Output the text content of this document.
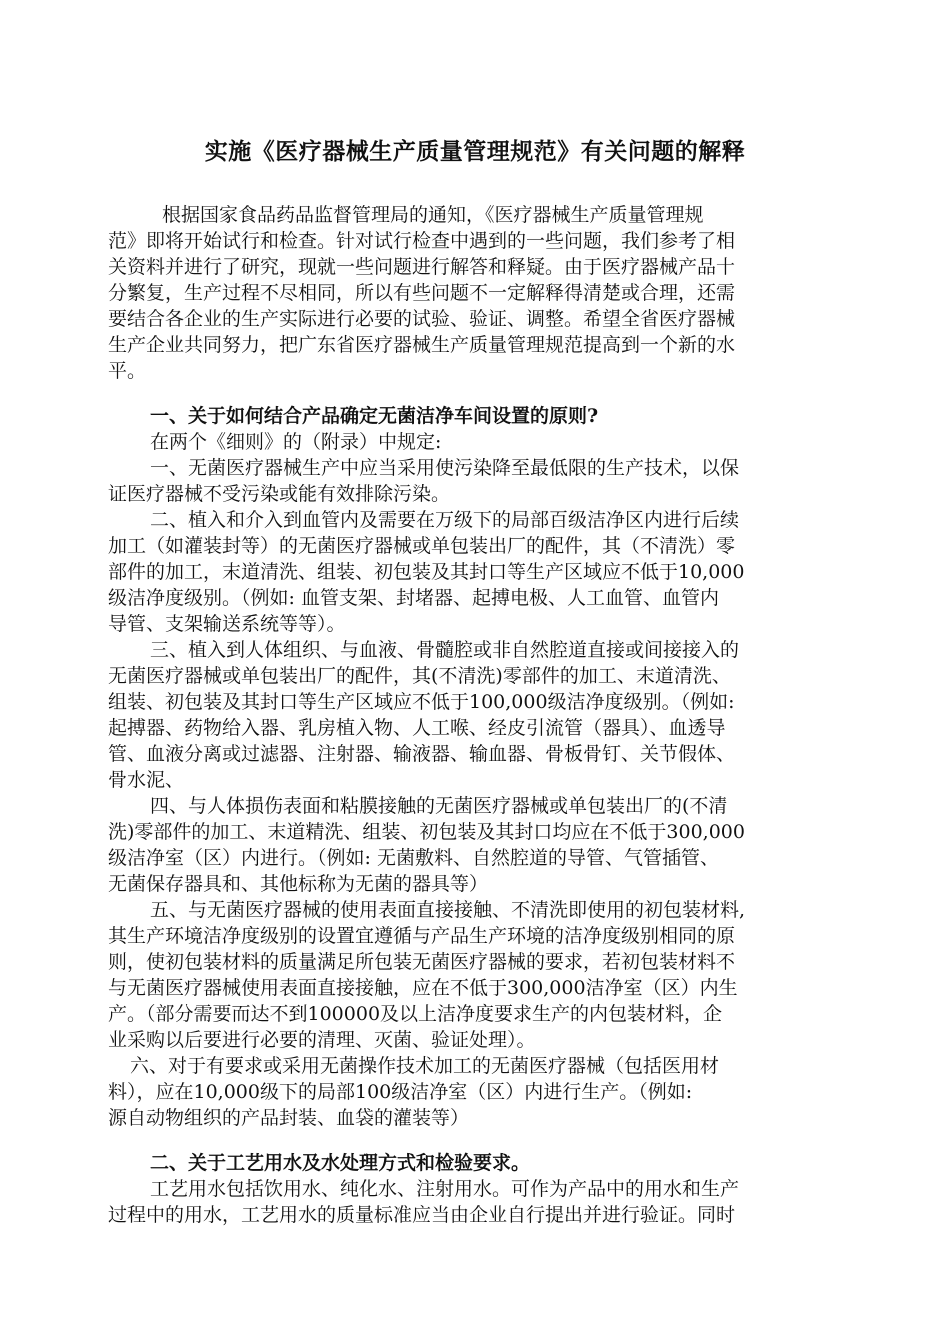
实施《医疗器械生产质量管理规范》有关问题的解释

根据国家食品药品监督管理局的通知，《医疗器械生产质量管理规

范》即将开始试行和检查。针对试行检查中遇到的一些问题，我们参考了相

关资料并进行了研究，现就一些问题进行解答和释疑。由于医疗器械产品十

分繁复，生产过程不尽相同，所以有些问题不一定解释得清楚或合理，还需

要结合各企业的生产实际进行必要的试验、验证、调整。希望全省医疗器械

生产企业共同努力，把广东省医疗器械生产质量管理规范提高到一个新的水

平。

一、关于如何结合产品确定无菌洁净车间设置的原则?

在两个《细则》的（附录）中规定:

一、无菌医疗器械生产中应当采用使污染降至最低限的生产技术，以保

证医疗器械不受污染或能有效排除污染。

二、植入和介入到血管内及需要在万级下的局部百级洁净区内进行后续

加工（如灌装封等）的无菌医疗器械或单包装出厂的配件，其（不清洗）零

部件的加工，末道清洗、组装、初包装及其封口等生产区域应不低于10,000

级洁净度级别。（例如: 血管支架、封堵器、起搏电极、人工血管、血管内

导管、支架输送系统等等）。

三、植入到人体组织、与血液、骨髓腔或非自然腔道直接或间接接入的

无菌医疗器械或单包装出厂的配件，其(不清洗)零部件的加工、末道清洗、

组装、初包装及其封口等生产区域应不低于100,000级洁净度级别。（例如:

起搏器、药物给入器、乳房植入物、人工喉、经皮引流管（器具）、血透导

管、血液分离或过滤器、注射器、输液器、输血器、骨板骨钉、关节假体、

骨水泥、

四、与人体损伤表面和粘膜接触的无菌医疗器械或单包装出厂的(不清

洗)零部件的加工、末道精洗、组装、初包装及其封口均应在不低于300,000

级洁净室（区）内进行。（例如: 无菌敷料、自然腔道的导管、气管插管、

无菌保存器具和、其他标称为无菌的器具等）

五、与无菌医疗器械的使用表面直接接触、不清洗即使用的初包装材料,

其生产环境洁净度级别的设置宜遵循与产品生产环境的洁净度级别相同的原

则，使初包装材料的质量满足所包装无菌医疗器械的要求，若初包装材料不

与无菌医疗器械使用表面直接接触，应在不低于300,000洁净室（区）内生

产。（部分需要而达不到100000及以上洁净度要求生产的内包装材料，企

业采购以后要进行必要的清理、灭菌、验证处理）。

六、对于有要求或采用无菌操作技术加工的无菌医疗器械（包括医用材

料），应在10,000级下的局部100级洁净室（区）内进行生产。（例如:

源自动物组织的产品封装、血袋的灌装等）

二、关于工艺用水及水处理方式和检验要求。

工艺用水包括饮用水、纯化水、注射用水。可作为产品中的用水和生产

过程中的用水，工艺用水的质量标准应当由企业自行提出并进行验证。同时
